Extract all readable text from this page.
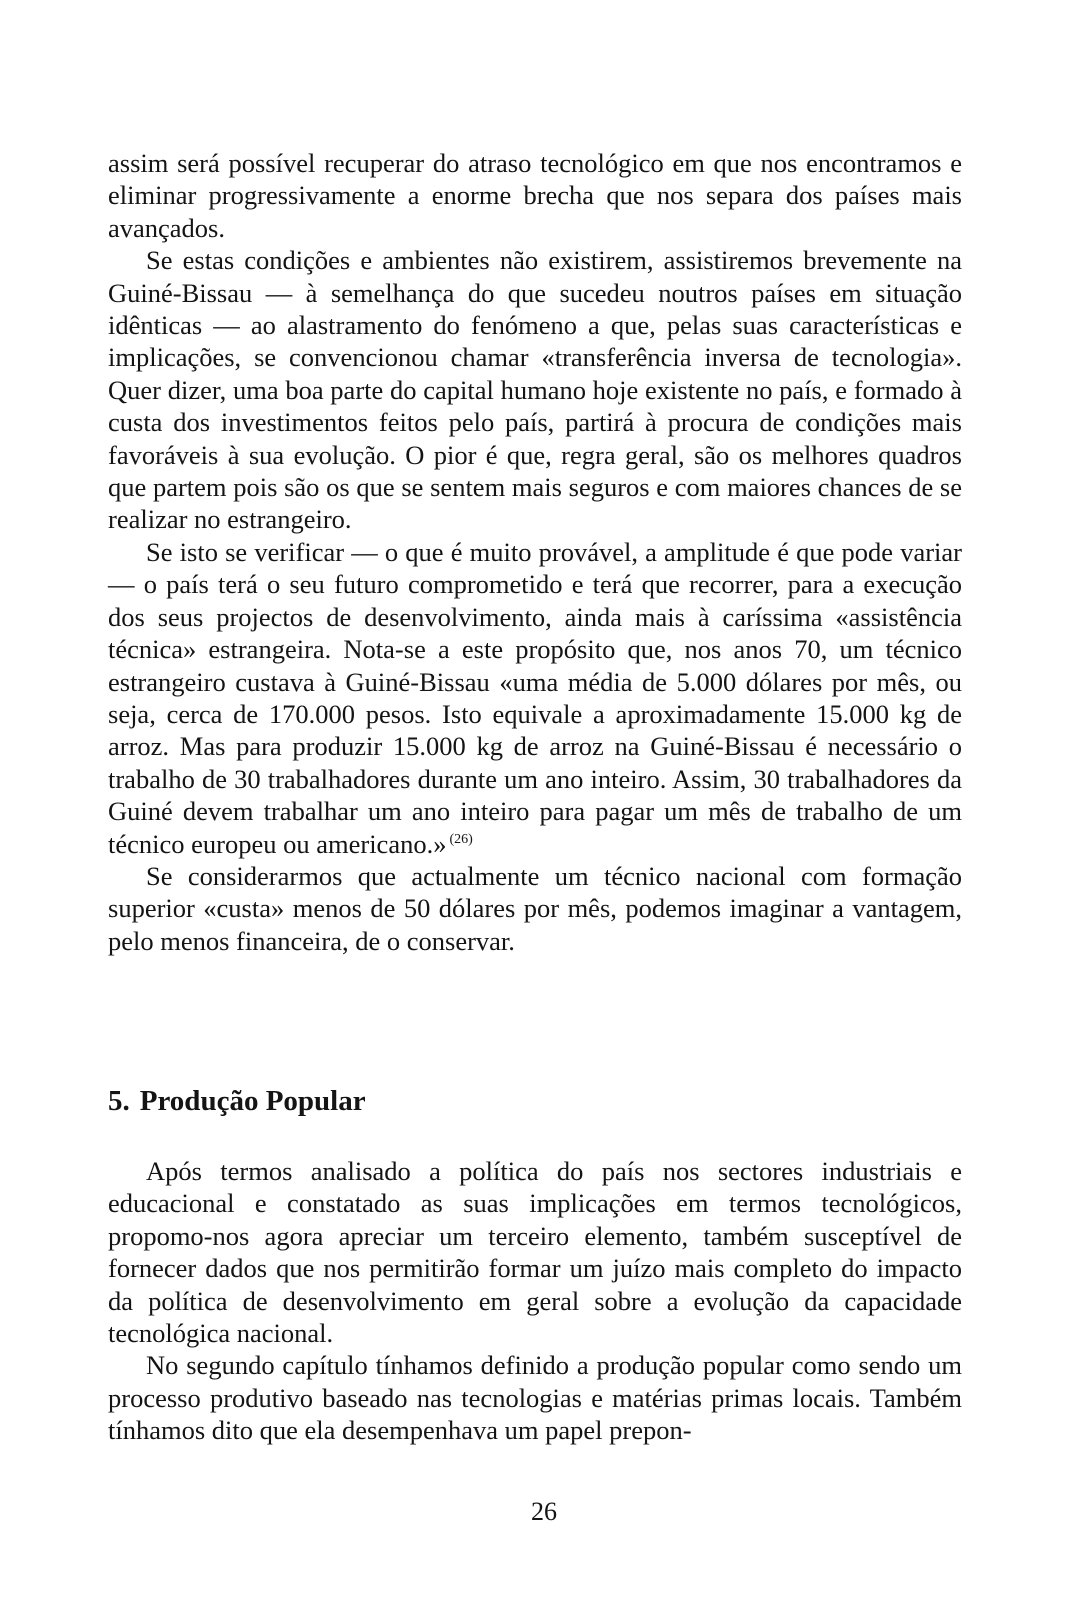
assim será possível recuperar do atraso tecnológico em que nos encontramos e eliminar progressivamente a enorme brecha que nos separa dos países mais avançados.

Se estas condições e ambientes não existirem, assistiremos brevemente na Guiné-Bissau — à semelhança do que sucedeu noutros países em situação idênticas — ao alastramento do fenómeno a que, pelas suas características e implicações, se convencionou chamar «transferência inversa de tecnologia». Quer dizer, uma boa parte do capital humano hoje existente no país, e formado à custa dos investimentos feitos pelo país, partirá à procura de condições mais favoráveis à sua evolução. O pior é que, regra geral, são os melhores quadros que partem pois são os que se sentem mais seguros e com maiores chances de se realizar no estrangeiro.

Se isto se verificar — o que é muito provável, a amplitude é que pode variar — o país terá o seu futuro comprometido e terá que recorrer, para a execução dos seus projectos de desenvolvimento, ainda mais à caríssima «assistência técnica» estrangeira. Nota-se a este propósito que, nos anos 70, um técnico estrangeiro custava à Guiné-Bissau «uma média de 5.000 dólares por mês, ou seja, cerca de 170.000 pesos. Isto equivale a aproximadamente 15.000 kg de arroz. Mas para produzir 15.000 kg de arroz na Guiné-Bissau é necessário o trabalho de 30 trabalhadores durante um ano inteiro. Assim, 30 trabalhadores da Guiné devem trabalhar um ano inteiro para pagar um mês de trabalho de um técnico europeu ou americano.» $^{(26)}$

Se considerarmos que actualmente um técnico nacional com formação superior «custa» menos de 50 dólares por mês, podemos imaginar a vantagem, pelo menos financeira, de o conservar.

5. Produção Popular

Após termos analisado a política do país nos sectores industriais e educacional e constatado as suas implicações em termos tecnológicos, propomo-nos agora apreciar um terceiro elemento, também susceptível de fornecer dados que nos permitirão formar um juízo mais completo do impacto da política de desenvolvimento em geral sobre a evolução da capacidade tecnológica nacional.

No segundo capítulo tínhamos definido a produção popular como sendo um processo produtivo baseado nas tecnologias e matérias primas locais. Também tínhamos dito que ela desempenhava um papel prepon-

26
